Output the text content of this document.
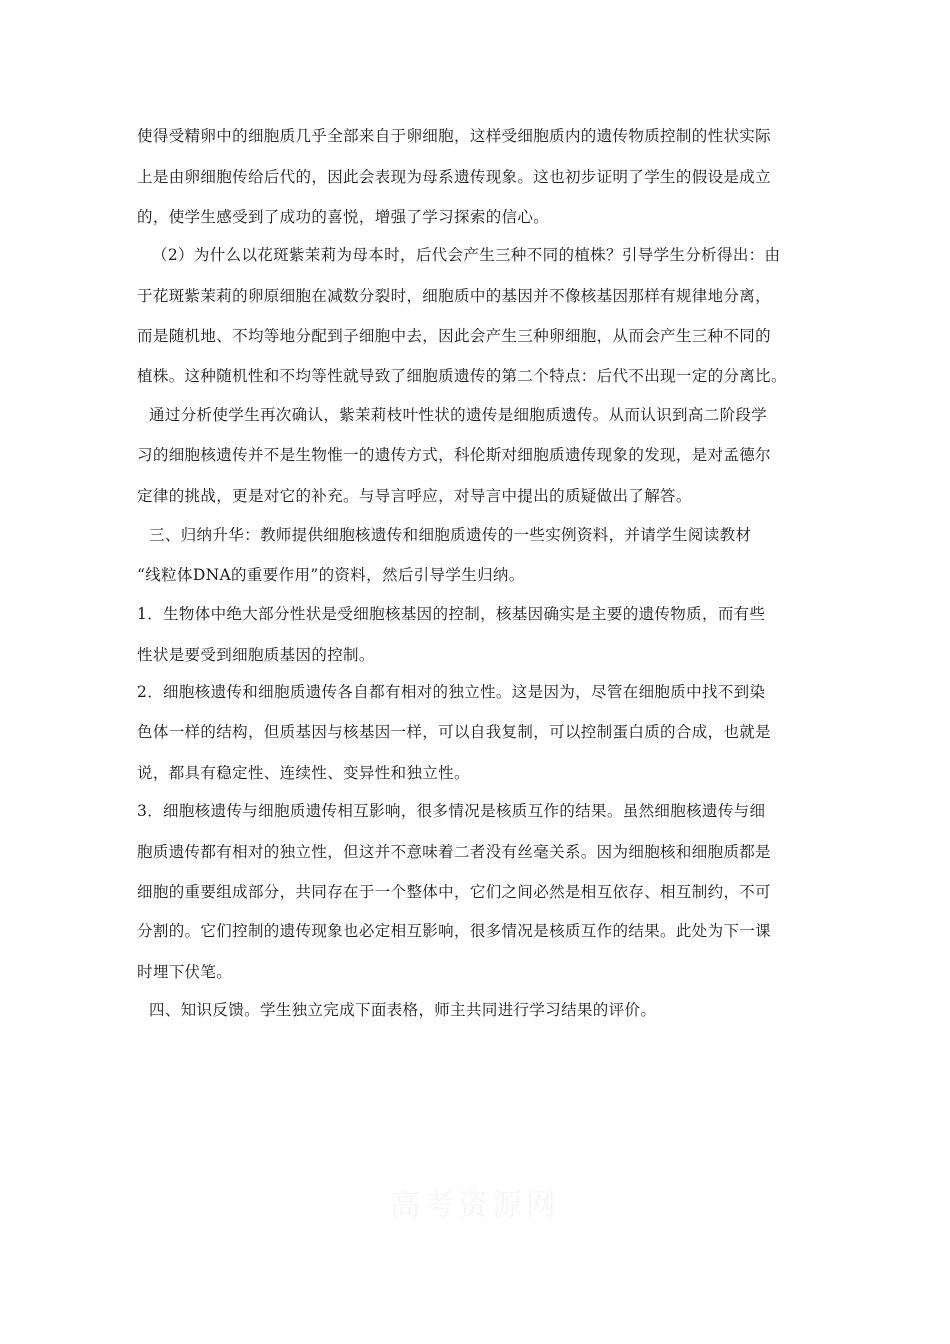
使得受精卵中的细胞质几乎全部来自于卵细胞，这样受细胞质内的遗传物质控制的性状实际
上是由卵细胞传给后代的，因此会表现为母系遗传现象。这也初步证明了学生的假设是成立
的，使学生感受到了成功的喜悦，增强了学习探索的信心。
（2）为什么以花斑紫茉莉为母本时，后代会产生三种不同的植株？引导学生分析得出：由
于花斑紫茉莉的卵原细胞在减数分裂时，细胞质中的基因并不像核基因那样有规律地分离，
而是随机地、不均等地分配到子细胞中去，因此会产生三种卵细胞，从而会产生三种不同的
植株。这种随机性和不均等性就导致了细胞质遗传的第二个特点：后代不出现一定的分离比。
通过分析使学生再次确认，紫茉莉枝叶性状的遗传是细胞质遗传。从而认识到高二阶段学
习的细胞核遗传并不是生物惟一的遗传方式，科伦斯对细胞质遗传现象的发现，是对孟德尔
定律的挑战，更是对它的补充。与导言呼应，对导言中提出的质疑做出了解答。
三、归纳升华：教师提供细胞核遗传和细胞质遗传的一些实例资料，并请学生阅读教材
“线粒体DNA的重要作用”的资料，然后引导学生归纳。
1．生物体中绝大部分性状是受细胞核基因的控制，核基因确实是主要的遗传物质，而有些
性状是要受到细胞质基因的控制。
2．细胞核遗传和细胞质遗传各自都有相对的独立性。这是因为，尽管在细胞质中找不到染
色体一样的结构，但质基因与核基因一样，可以自我复制，可以控制蛋白质的合成，也就是
说，都具有稳定性、连续性、变异性和独立性。
3．细胞核遗传与细胞质遗传相互影响，很多情况是核质互作的结果。虽然细胞核遗传与细
胞质遗传都有相对的独立性，但这并不意味着二者没有丝毫关系。因为细胞核和细胞质都是
细胞的重要组成部分，共同存在于一个整体中，它们之间必然是相互依存、相互制约，不可
分割的。它们控制的遗传现象也必定相互影响，很多情况是核质互作的结果。此处为下一课
时埋下伏笔。
四、知识反馈。学生独立完成下面表格，师主共同进行学习结果的评价。
高考资源网
